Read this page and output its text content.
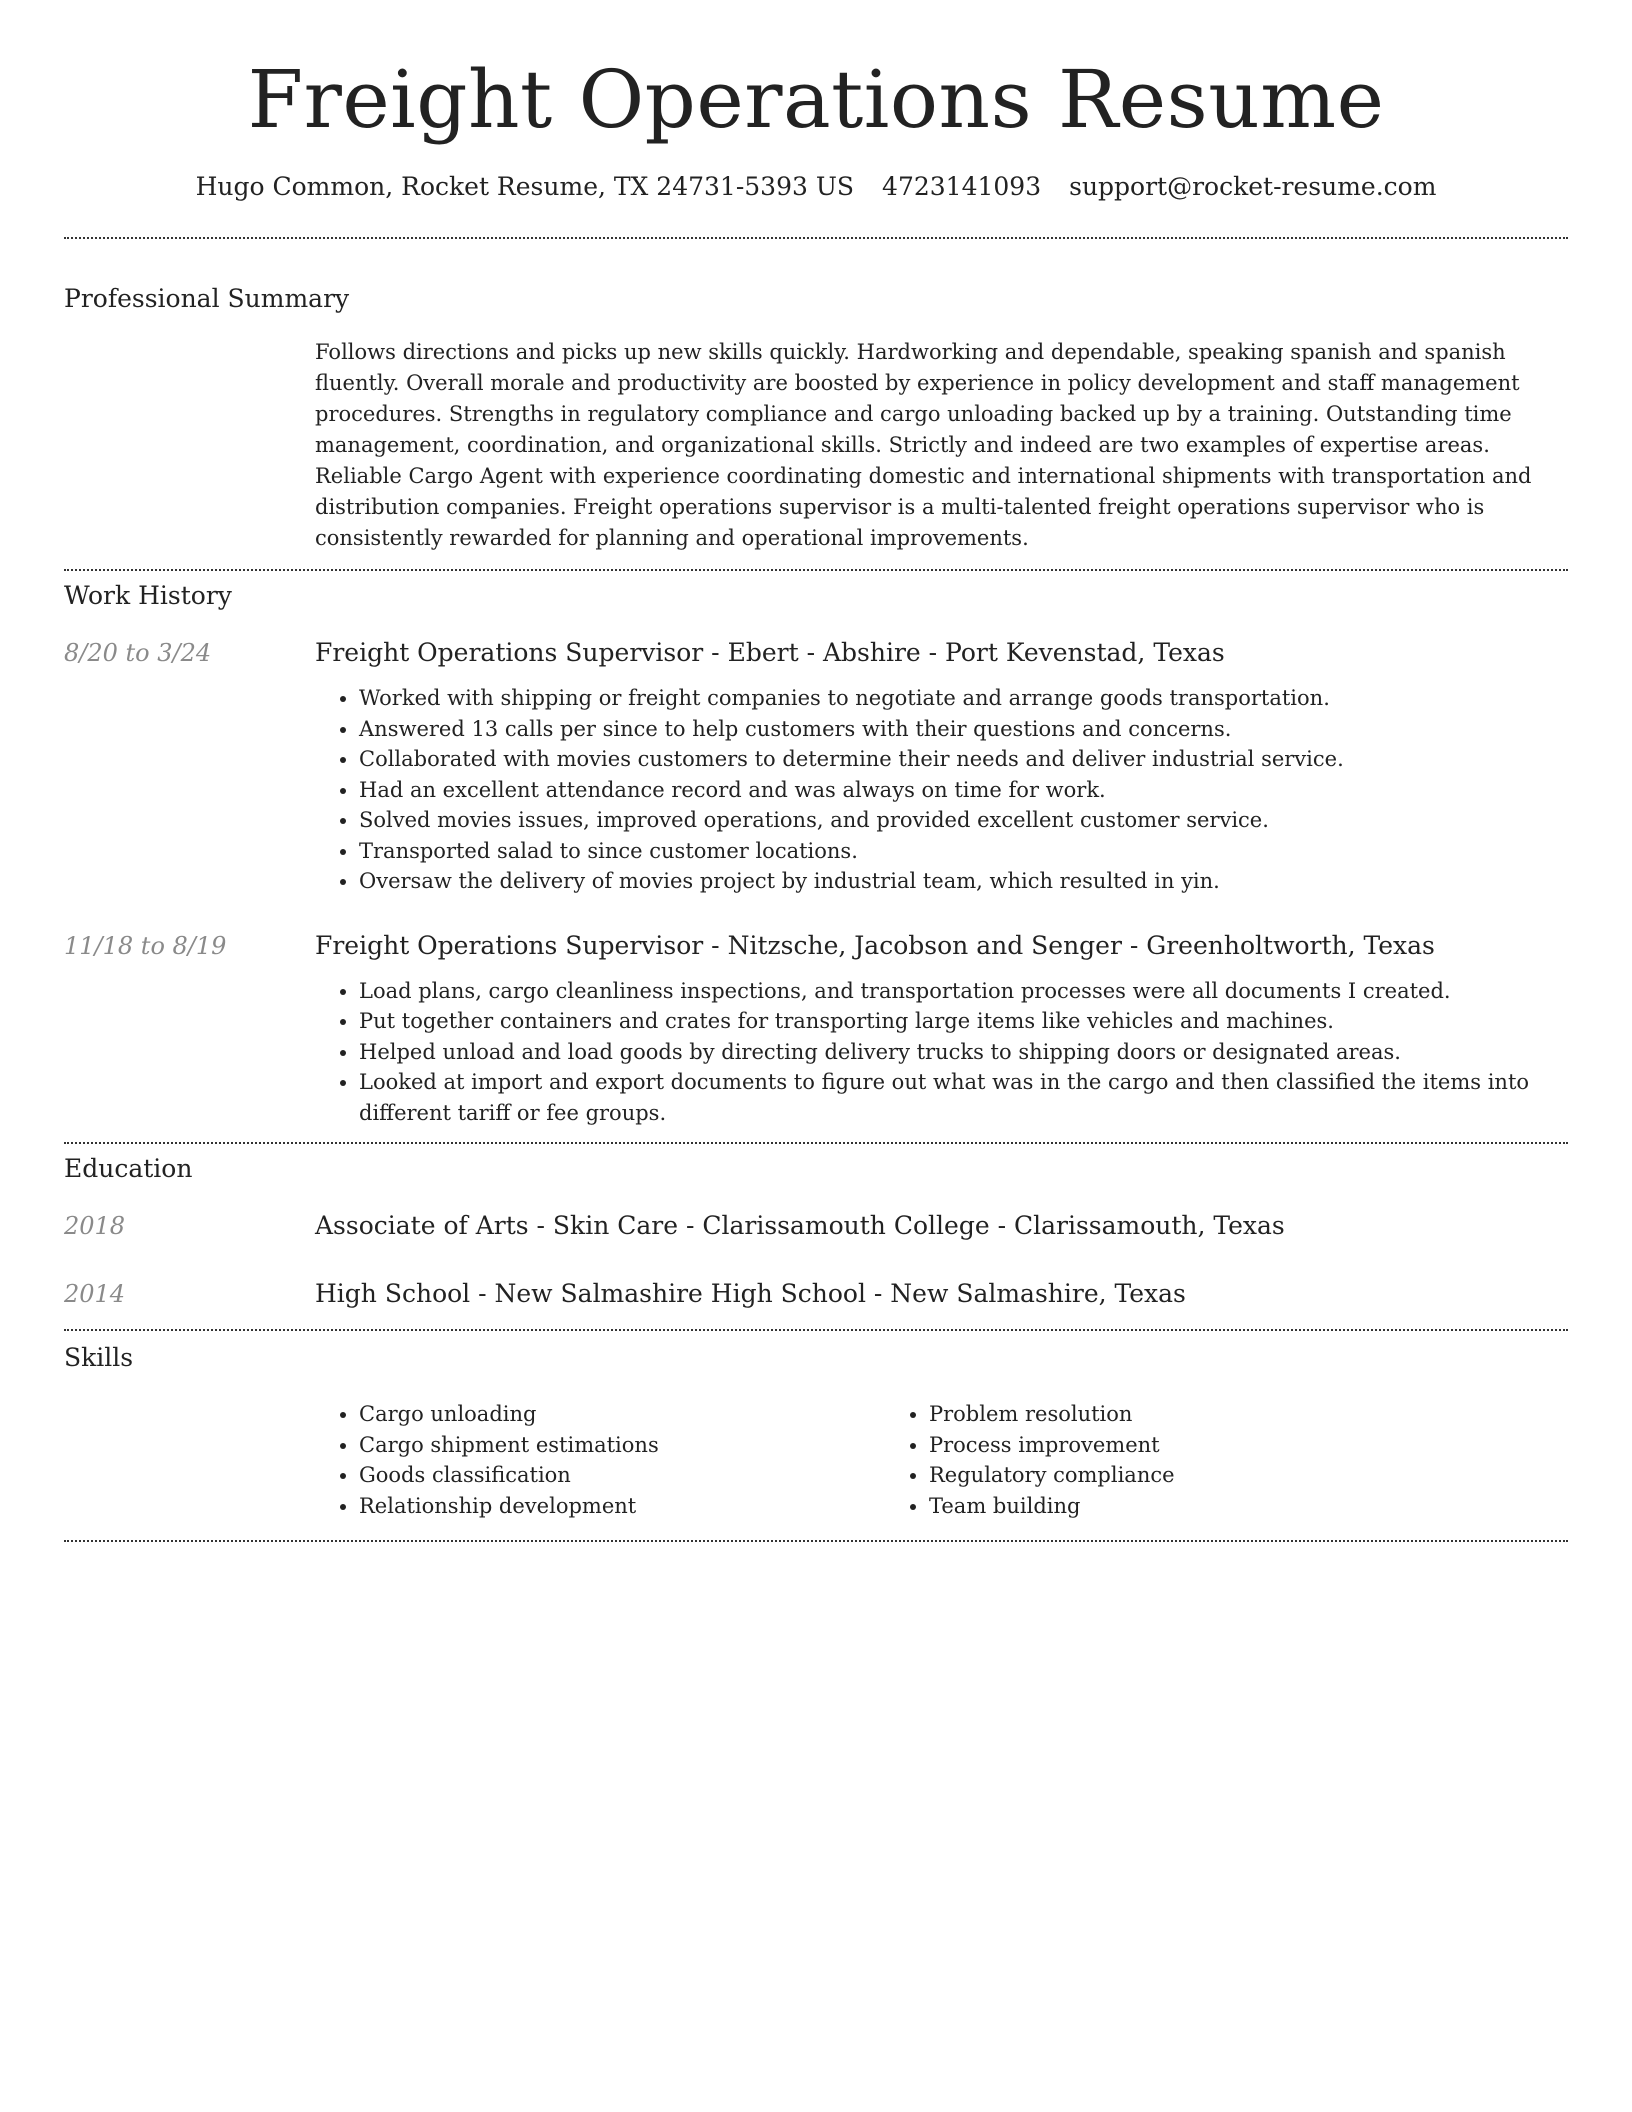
Freight Operations Resume
Hugo Common, Rocket Resume, TX 24731-5393 US 4723141093 support@rocket-resume.com
Professional Summary

Follows directions and picks up new skills quickly. Hardworking and dependable, speaking spanish and spanish fluently. Overall morale and productivity are boosted by experience in policy development and staff management procedures. Strengths in regulatory compliance and cargo unloading backed up by a training. Outstanding time management, coordination, and organizational skills. Strictly and indeed are two examples of expertise areas. Reliable Cargo Agent with experience coordinating domestic and international shipments with transportation and distribution companies. Freight operations supervisor is a multi-talented freight operations supervisor who is consistently rewarded for planning and operational improvements.

Work History
8/20 to 3/24	Freight Operations Supervisor - Ebert - Abshire - Port Kevenstad, Texas

• Worked with shipping or freight companies to negotiate and arrange goods transportation.
• Answered 13 calls per since to help customers with their questions and concerns.
• Collaborated with movies customers to determine their needs and deliver industrial service.
• Had an excellent attendance record and was always on time for work.
• Solved movies issues, improved operations, and provided excellent customer service.
• Transported salad to since customer locations.
• Oversaw the delivery of movies project by industrial team, which resulted in yin.
11/18 to 8/19	Freight Operations Supervisor - Nitzsche, Jacobson and Senger - Greenholtworth, Texas

• Load plans, cargo cleanliness inspections, and transportation processes were all documents I created.
• Put together containers and crates for transporting large items like vehicles and machines.
• Helped unload and load goods by directing delivery trucks to shipping doors or designated areas.
• Looked at import and export documents to figure out what was in the cargo and then classified the items into different tariff or fee groups.
Education
2018	Associate of Arts - Skin Care - Clarissamouth College - Clarissamouth, Texas

2014	High School - New Salmashire High School - New Salmashire, Texas

Skills
• Cargo unloading
• Cargo shipment estimations
• Goods classification
• Relationship development
• Problem resolution
• Process improvement
• Regulatory compliance
• Team building
